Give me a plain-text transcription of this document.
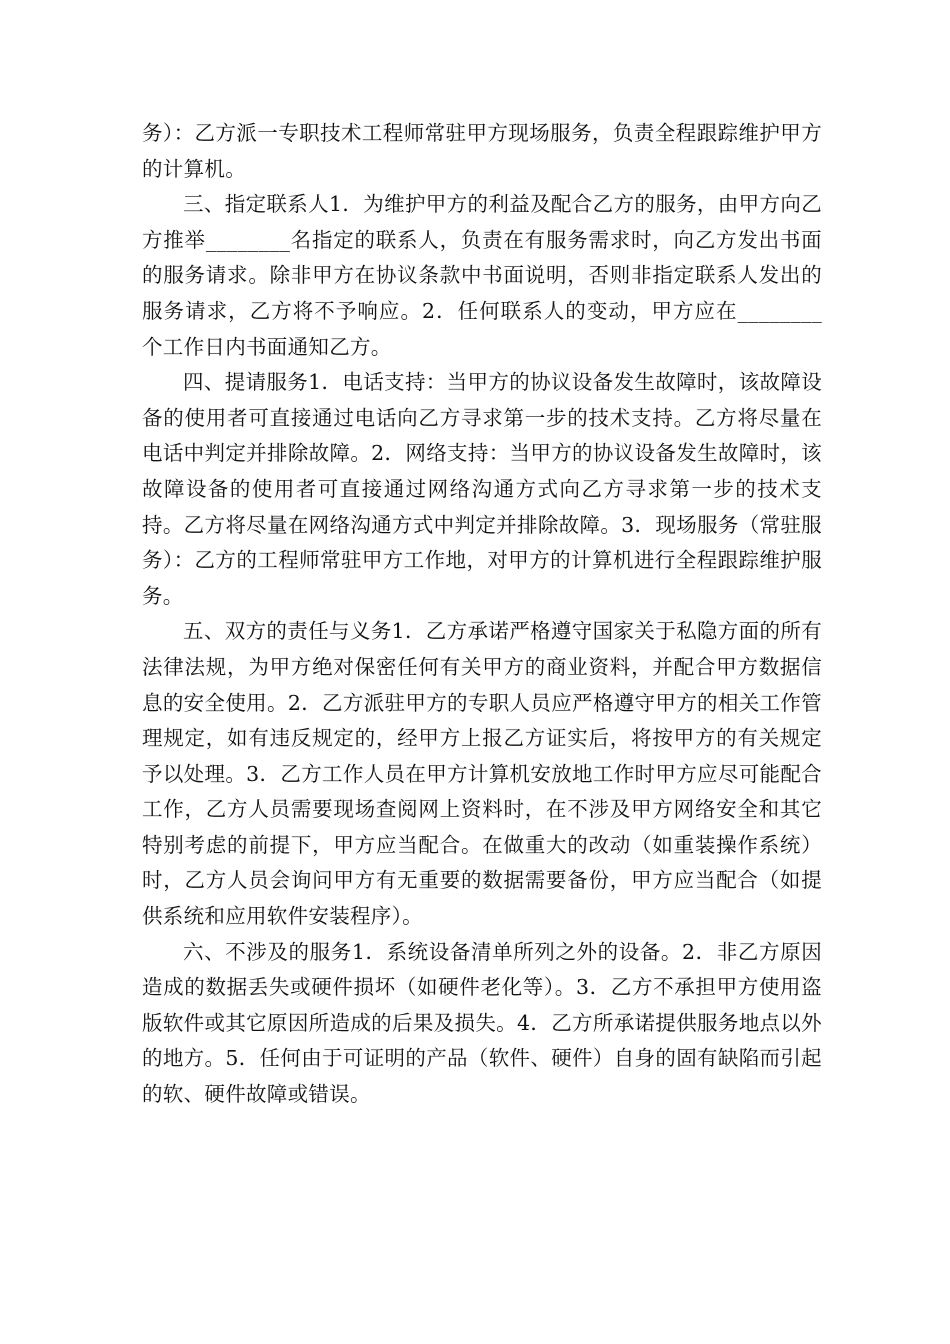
务）：乙方派一专职技术工程师常驻甲方现场服务，负责全程跟踪维护甲方的计算机。

三、指定联系人1．为维护甲方的利益及配合乙方的服务，由甲方向乙方推举________名指定的联系人，负责在有服务需求时，向乙方发出书面的服务请求。除非甲方在协议条款中书面说明，否则非指定联系人发出的服务请求，乙方将不予响应。2．任何联系人的变动，甲方应在________个工作日内书面通知乙方。

四、提请服务1．电话支持：当甲方的协议设备发生故障时，该故障设备的使用者可直接通过电话向乙方寻求第一步的技术支持。乙方将尽量在电话中判定并排除故障。2．网络支持：当甲方的协议设备发生故障时，该故障设备的使用者可直接通过网络沟通方式向乙方寻求第一步的技术支持。乙方将尽量在网络沟通方式中判定并排除故障。3．现场服务（常驻服务）：乙方的工程师常驻甲方工作地，对甲方的计算机进行全程跟踪维护服务。

五、双方的责任与义务1．乙方承诺严格遵守国家关于私隐方面的所有法律法规，为甲方绝对保密任何有关甲方的商业资料，并配合甲方数据信息的安全使用。2．乙方派驻甲方的专职人员应严格遵守甲方的相关工作管理规定，如有违反规定的，经甲方上报乙方证实后，将按甲方的有关规定予以处理。3．乙方工作人员在甲方计算机安放地工作时甲方应尽可能配合工作，乙方人员需要现场查阅网上资料时，在不涉及甲方网络安全和其它特别考虑的前提下，甲方应当配合。在做重大的改动（如重装操作系统）时，乙方人员会询问甲方有无重要的数据需要备份，甲方应当配合（如提供系统和应用软件安装程序）。

六、不涉及的服务1．系统设备清单所列之外的设备。2．非乙方原因造成的数据丢失或硬件损坏（如硬件老化等）。3．乙方不承担甲方使用盗版软件或其它原因所造成的后果及损失。4．乙方所承诺提供服务地点以外的地方。5．任何由于可证明的产品（软件、硬件）自身的固有缺陷而引起的软、硬件故障或错误。
